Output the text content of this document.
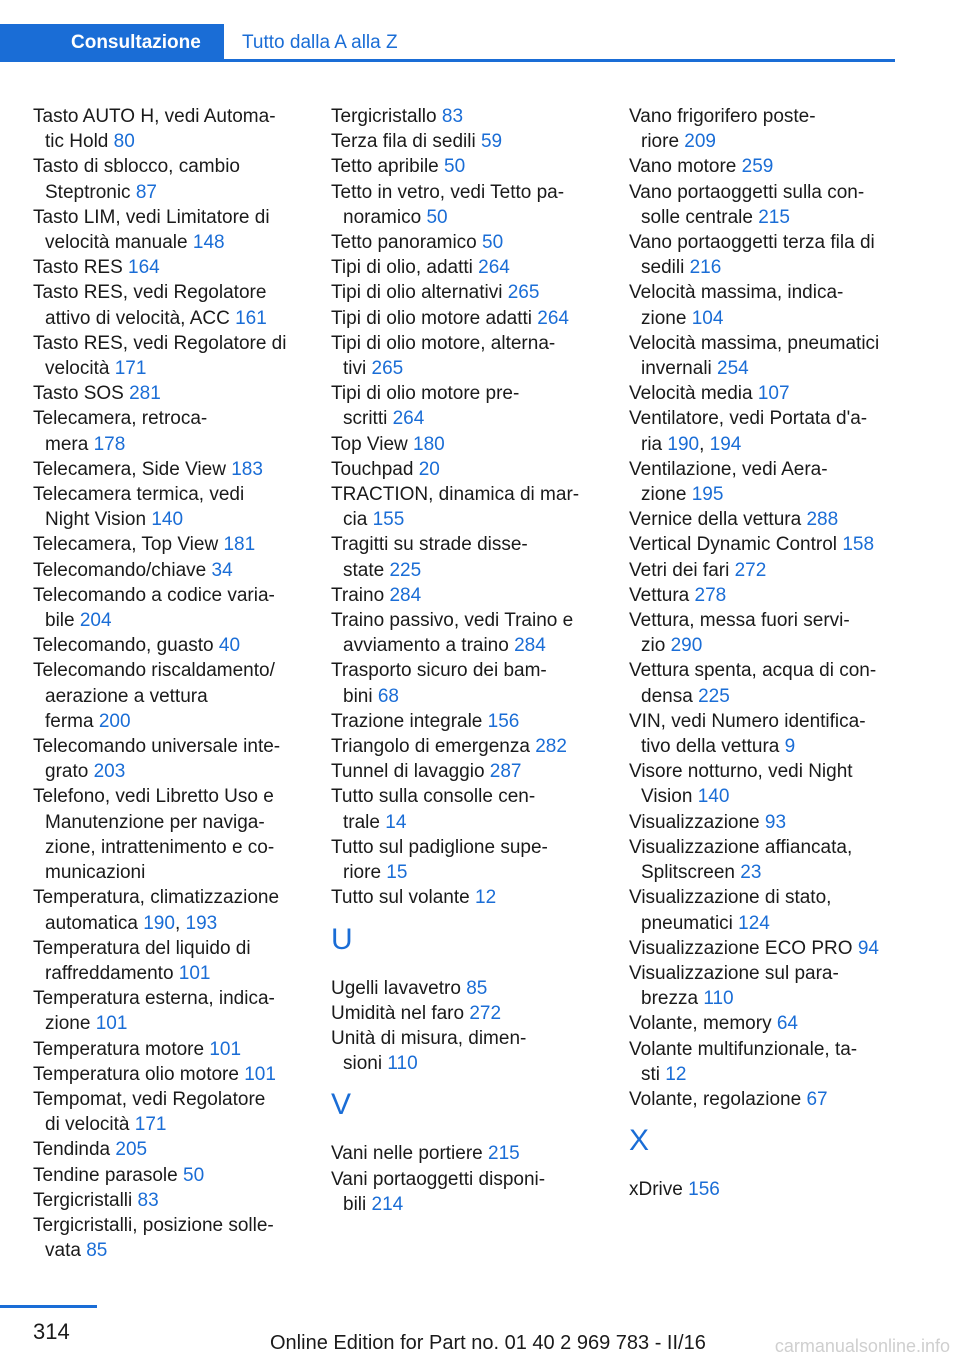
Consultazione	Tutto dalla A alla Z

Tasto AUTO H, vedi Automa-
tic Hold 80

Tasto di sblocco, cambio
Steptronic 87

Tasto LIM, vedi Limitatore di
velocità manuale 148

Tasto RES 164

Tasto RES, vedi Regolatore
attivo di velocità, ACC 161

Tasto RES, vedi Regolatore di
velocità 171

Tasto SOS 281

Telecamera, retroca-
mera 178

Telecamera, Side View 183

Telecamera termica, vedi
Night Vision 140

Telecamera, Top View 181

Telecomando/chiave 34

Telecomando a codice varia-
bile 204

Telecomando, guasto 40

Telecomando riscaldamento/
aerazione a vettura
ferma 200

Telecomando universale inte-
grato 203

Telefono, vedi Libretto Uso e
Manutenzione per naviga-
zione, intrattenimento e co-
municazioni

Temperatura, climatizzazione
automatica 190, 193

Temperatura del liquido di
raffreddamento 101

Temperatura esterna, indica-
zione 101

Temperatura motore 101

Temperatura olio motore 101

Tempomat, vedi Regolatore
di velocità 171

Tendinda 205

Tendine parasole 50

Tergicristalli 83

Tergicristalli, posizione solle-
vata 85

Tergicristallo 83

Terza fila di sedili 59

Tetto apribile 50

Tetto in vetro, vedi Tetto pa-
noramico 50

Tetto panoramico 50

Tipi di olio, adatti 264

Tipi di olio alternativi 265

Tipi di olio motore adatti 264

Tipi di olio motore, alterna-
tivi 265

Tipi di olio motore pre-
scritti 264

Top View 180

Touchpad 20

TRACTION, dinamica di mar-
cia 155

Tragitti su strade disse-
state 225

Traino 284

Traino passivo, vedi Traino e
avviamento a traino 284

Trasporto sicuro dei bam-
bini 68

Trazione integrale 156

Triangolo di emergenza 282

Tunnel di lavaggio 287

Tutto sulla consolle cen-
trale 14

Tutto sul padiglione supe-
riore 15

Tutto sul volante 12

U

Ugelli lavavetro 85

Umidità nel faro 272

Unità di misura, dimen-
sioni 110

V

Vani nelle portiere 215

Vani portaoggetti disponi-
bili 214

Vano frigorifero poste-
riore 209

Vano motore 259

Vano portaoggetti sulla con-
solle centrale 215

Vano portaoggetti terza fila di
sedili 216

Velocità massima, indica-
zione 104

Velocità massima, pneumatici
invernali 254

Velocità media 107

Ventilatore, vedi Portata d'a-
ria 190, 194

Ventilazione, vedi Aera-
zione 195

Vernice della vettura 288

Vertical Dynamic Control 158

Vetri dei fari 272

Vettura 278

Vettura, messa fuori servi-
zio 290

Vettura spenta, acqua di con-
densa 225

VIN, vedi Numero identifica-
tivo della vettura 9

Visore notturno, vedi Night
Vision 140

Visualizzazione 93

Visualizzazione affiancata,
Splitscreen 23

Visualizzazione di stato,
pneumatici 124

Visualizzazione ECO PRO 94

Visualizzazione sul para-
brezza 110

Volante, memory 64

Volante multifunzionale, ta-
sti 12

Volante, regolazione 67

X

xDrive 156

314	Online Edition for Part no. 01 40 2 969 783 - II/16	carmanualsonline.info
